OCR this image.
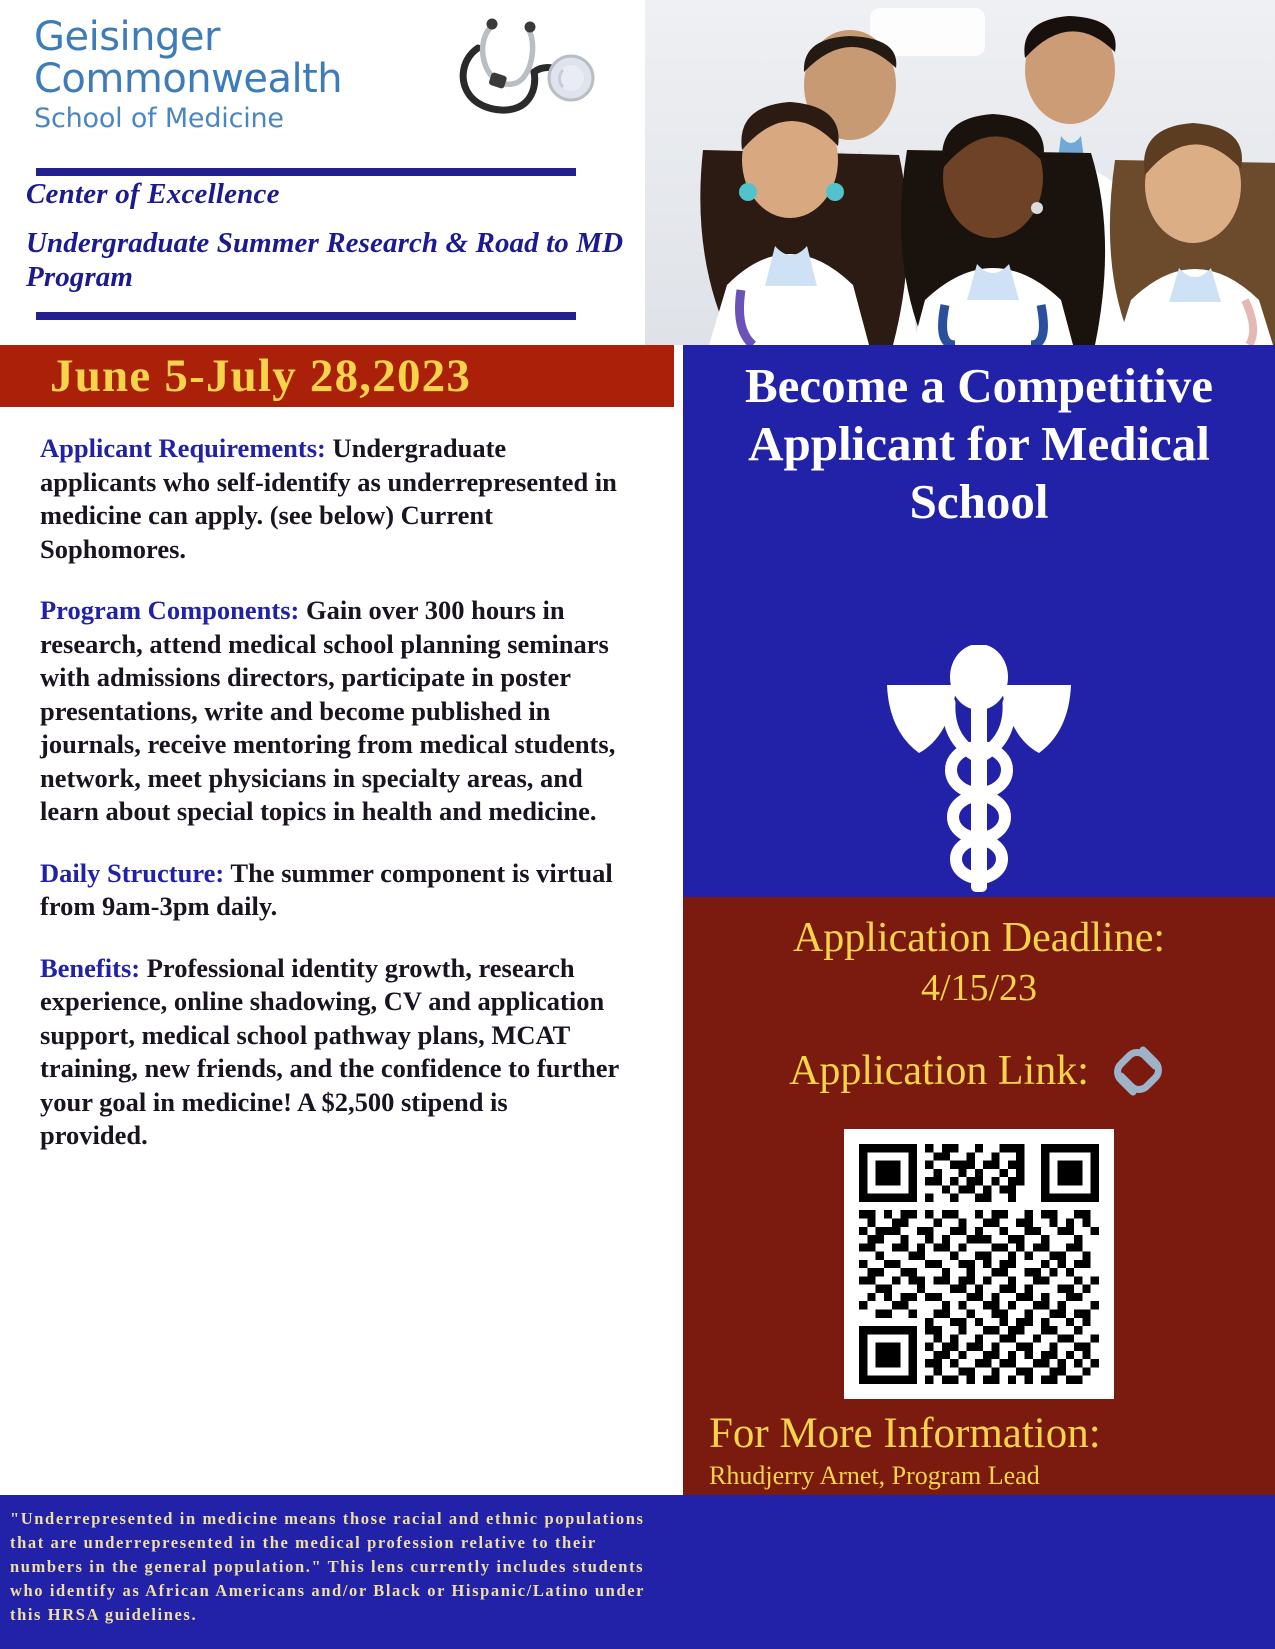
Geisinger
Commonwealth
School of Medicine
Center of Excellence
Undergraduate Summer Research & Road to MD Program
June 5-July 28,2023

Applicant Requirements: Undergraduate applicants who self-identify as underrepresented in medicine can apply. (see below) Current Sophomores.

Program Components: Gain over 300 hours in research, attend medical school planning seminars with admissions directors, participate in poster presentations, write and become published in journals, receive mentoring from medical students, network, meet physicians in specialty areas, and learn about special topics in health and medicine.

Daily Structure: The summer component is virtual from 9am-3pm daily.

Benefits: Professional identity growth, research experience, online shadowing, CV and application support, medical school pathway plans, MCAT training, new friends, and the confidence to further your goal in medicine! A $2,500 stipend is provided.

"Underrepresented in medicine means those racial and ethnic populations that are underrepresented in the medical profession relative to their numbers in the general population." This lens currently includes students who identify as African Americans and/or Black or Hispanic/Latino under this HRSA guidelines.

Become a Competitive Applicant for Medical School
Application Deadline:
4/15/23
Application Link:
For More Information:
Rhudjerry Arnet, Program Lead
